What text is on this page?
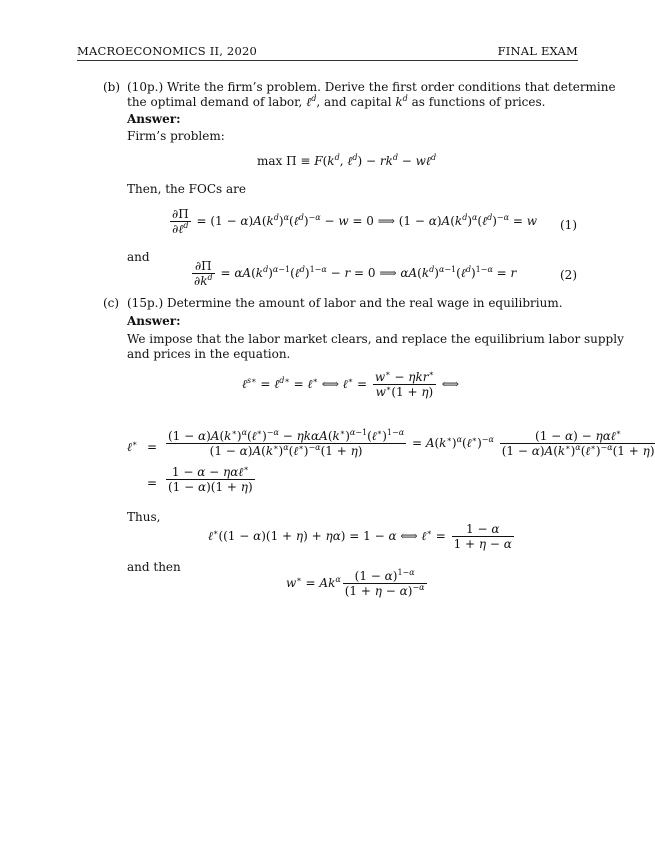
MACROECONOMICS II, 2020	FINAL EXAM
(b) (10p.) Write the firm’s problem. Derive the first order conditions that determine
the optimal demand of labor, ℓ$^d$, and capital $k^d$ as functions of prices.
Answer:
Firm’s problem:
$\max \Pi \equiv F(k^d$, ℓ$^d$) − $rk^d$ − wℓ$^d$
Then, the FOCs are
$\frac{\partial\Pi}{\partial\ell^d} = (1$ − $\alpha)A(k^d)^\alpha(\ell^d)^{-\alpha} - w = 0$ ⟹ $(1 - \alpha)A(k^d)^\alpha(\ell^d)^{-\alpha} = w$ (1)
and
$\frac{\partial\Pi}{\partial k^d}$ = $\alpha A(k^d)^{\alpha-1}(\ell^d)^{1-\alpha} - r = 0$ ⟹ $\alpha A(k^d)^{\alpha-1}(\ell^d)^{1-\alpha} = r$	(2)
(c) (15p.) Determine the amount of labor and the real wage in equilibrium.
Answer:
We impose that the labor market clears, and replace the equilibrium labor supply
and prices in the equation.
ℓ$^{s∗}$ = ℓ$^{d∗}$ = ℓ∗ ⟺ ℓ∗ = $\frac{w^∗ - \eta kr^∗}{w^∗(1 + \eta)}$ ⟺
ℓ∗ = $\frac{(1 - \alpha)A(k^∗)^\alpha(\ell^∗)^{-\alpha} - \eta k\alpha A(k^∗)^{\alpha-1}(\ell^∗)^{1-\alpha}}{(1 - \alpha)A(k^∗)^\alpha(\ell^∗)^{-\alpha}(1 + \eta)}$ = $A(k^∗)^\alpha(\ell^∗)^{-\alpha} \frac{(1 - \alpha) - \eta\alpha\ell^∗}{(1 - \alpha)A(k^∗)^\alpha(\ell^∗)^{-\alpha}(1 + \eta)}$
= $\frac{1 - \alpha - \eta\alpha\ell^∗}{(1 - \alpha)(1 + \eta)}$
Thus,
ℓ∗((1 − α)(1 + η) + ηα) = 1 − α ⟺ ℓ∗ = $\frac{1 - \alpha}{1 + \eta - \alpha}$
and then
$w^∗ = Ak^\alpha \frac{(1 - \alpha)^{1-\alpha}}{(1 + \eta - \alpha)^{-\alpha}}$
